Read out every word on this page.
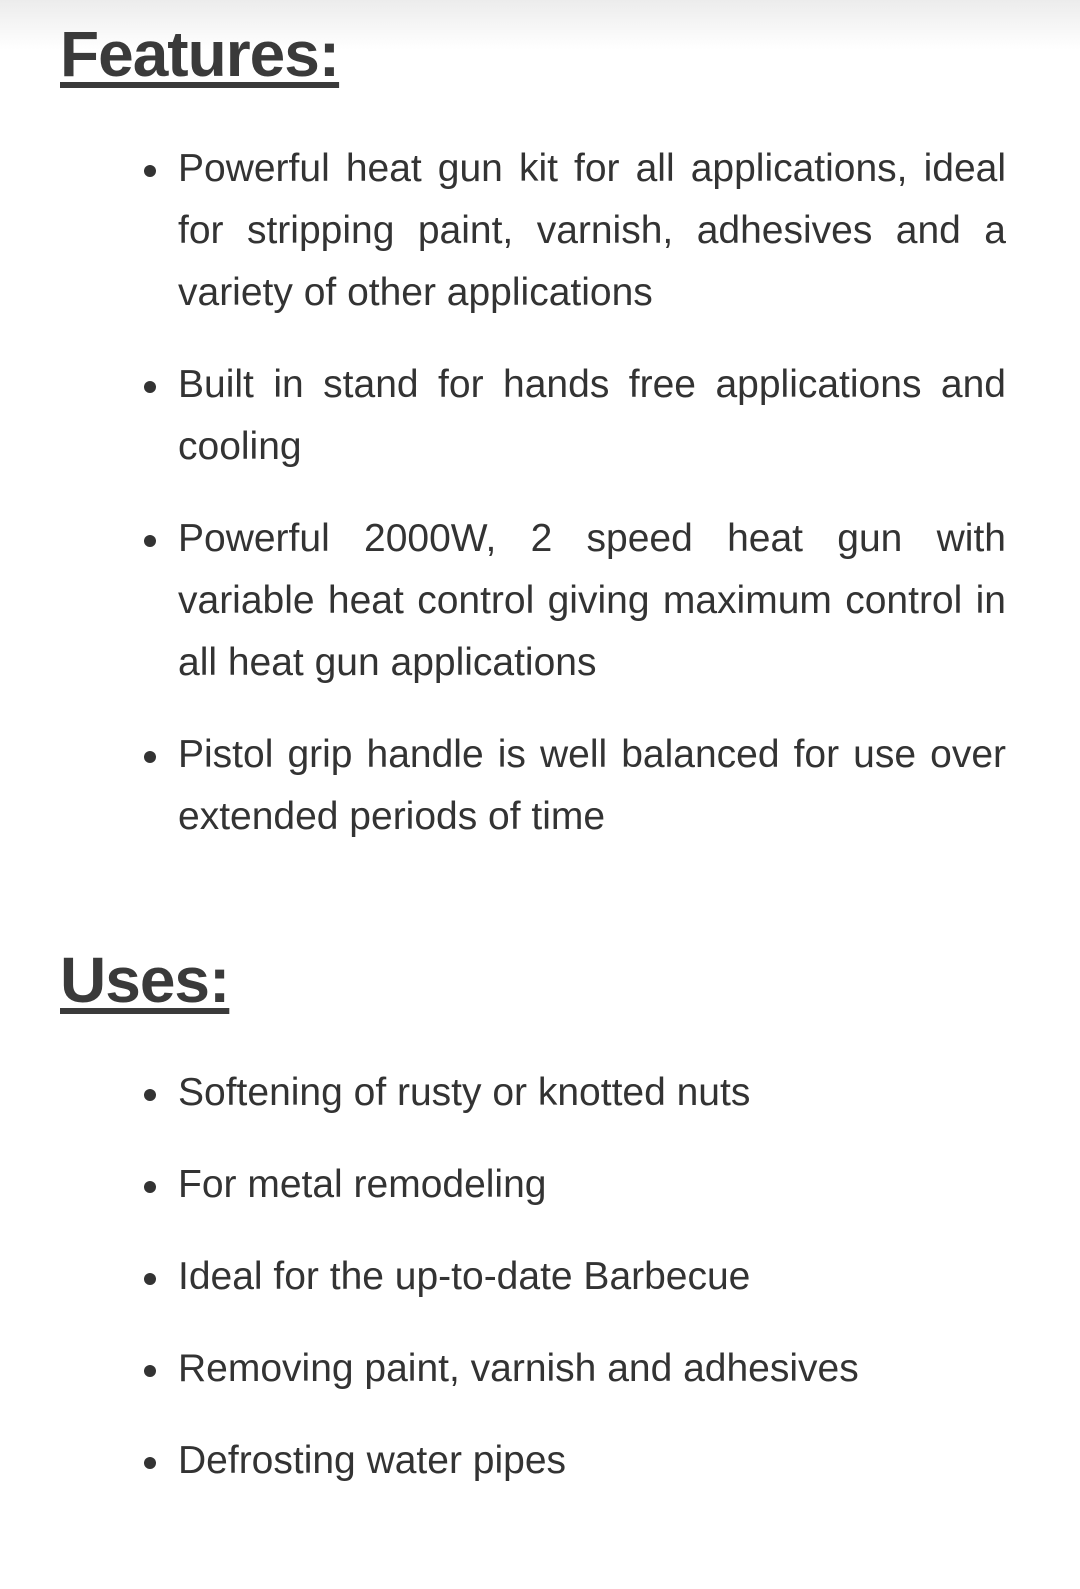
Features:
Powerful heat gun kit for all applications, ideal for stripping paint, varnish, adhesives and a variety of other applications
Built in stand for hands free applications and cooling
Powerful 2000W, 2 speed heat gun with variable heat control giving maximum control in all heat gun applications
Pistol grip handle is well balanced for use over extended periods of time
Uses:
Softening of rusty or knotted nuts
For metal remodeling
Ideal for the up-to-date Barbecue
Removing paint, varnish and adhesives
Defrosting water pipes
